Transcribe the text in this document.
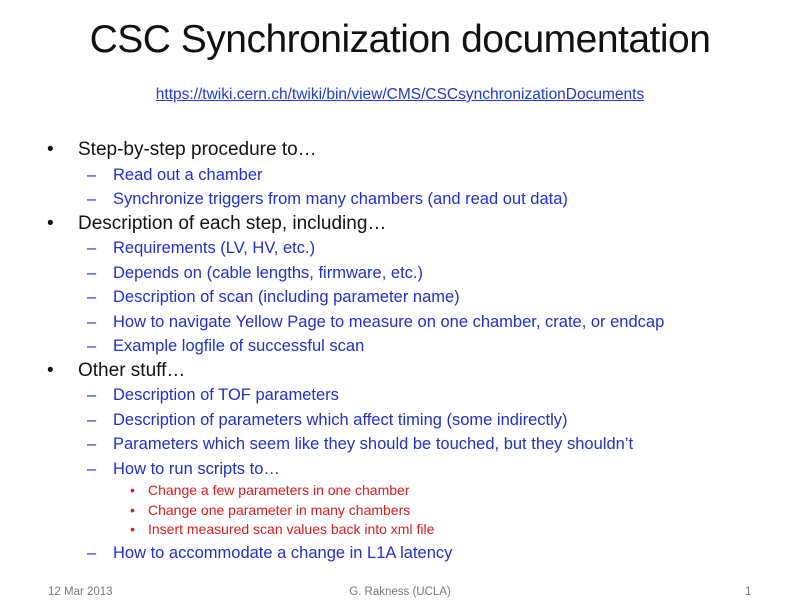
CSC Synchronization documentation
https://twiki.cern.ch/twiki/bin/view/CMS/CSCsynchronizationDocuments
• Step-by-step procedure to…
– Read out a chamber
– Synchronize triggers from many chambers (and read out data)
• Description of each step, including…
– Requirements (LV, HV, etc.)
– Depends on (cable lengths, firmware, etc.)
– Description of scan (including parameter name)
– How to navigate Yellow Page to measure on one chamber, crate, or endcap
– Example logfile of successful scan
• Other stuff…
– Description of TOF parameters
– Description of parameters which affect timing (some indirectly)
– Parameters which seem like they should be touched, but they shouldn’t
– How to run scripts to…
• Change a few parameters in one chamber
• Change one parameter in many chambers
• Insert measured scan values back into xml file
– How to accommodate a change in L1A latency
12 Mar 2013	G. Rakness (UCLA)	1
